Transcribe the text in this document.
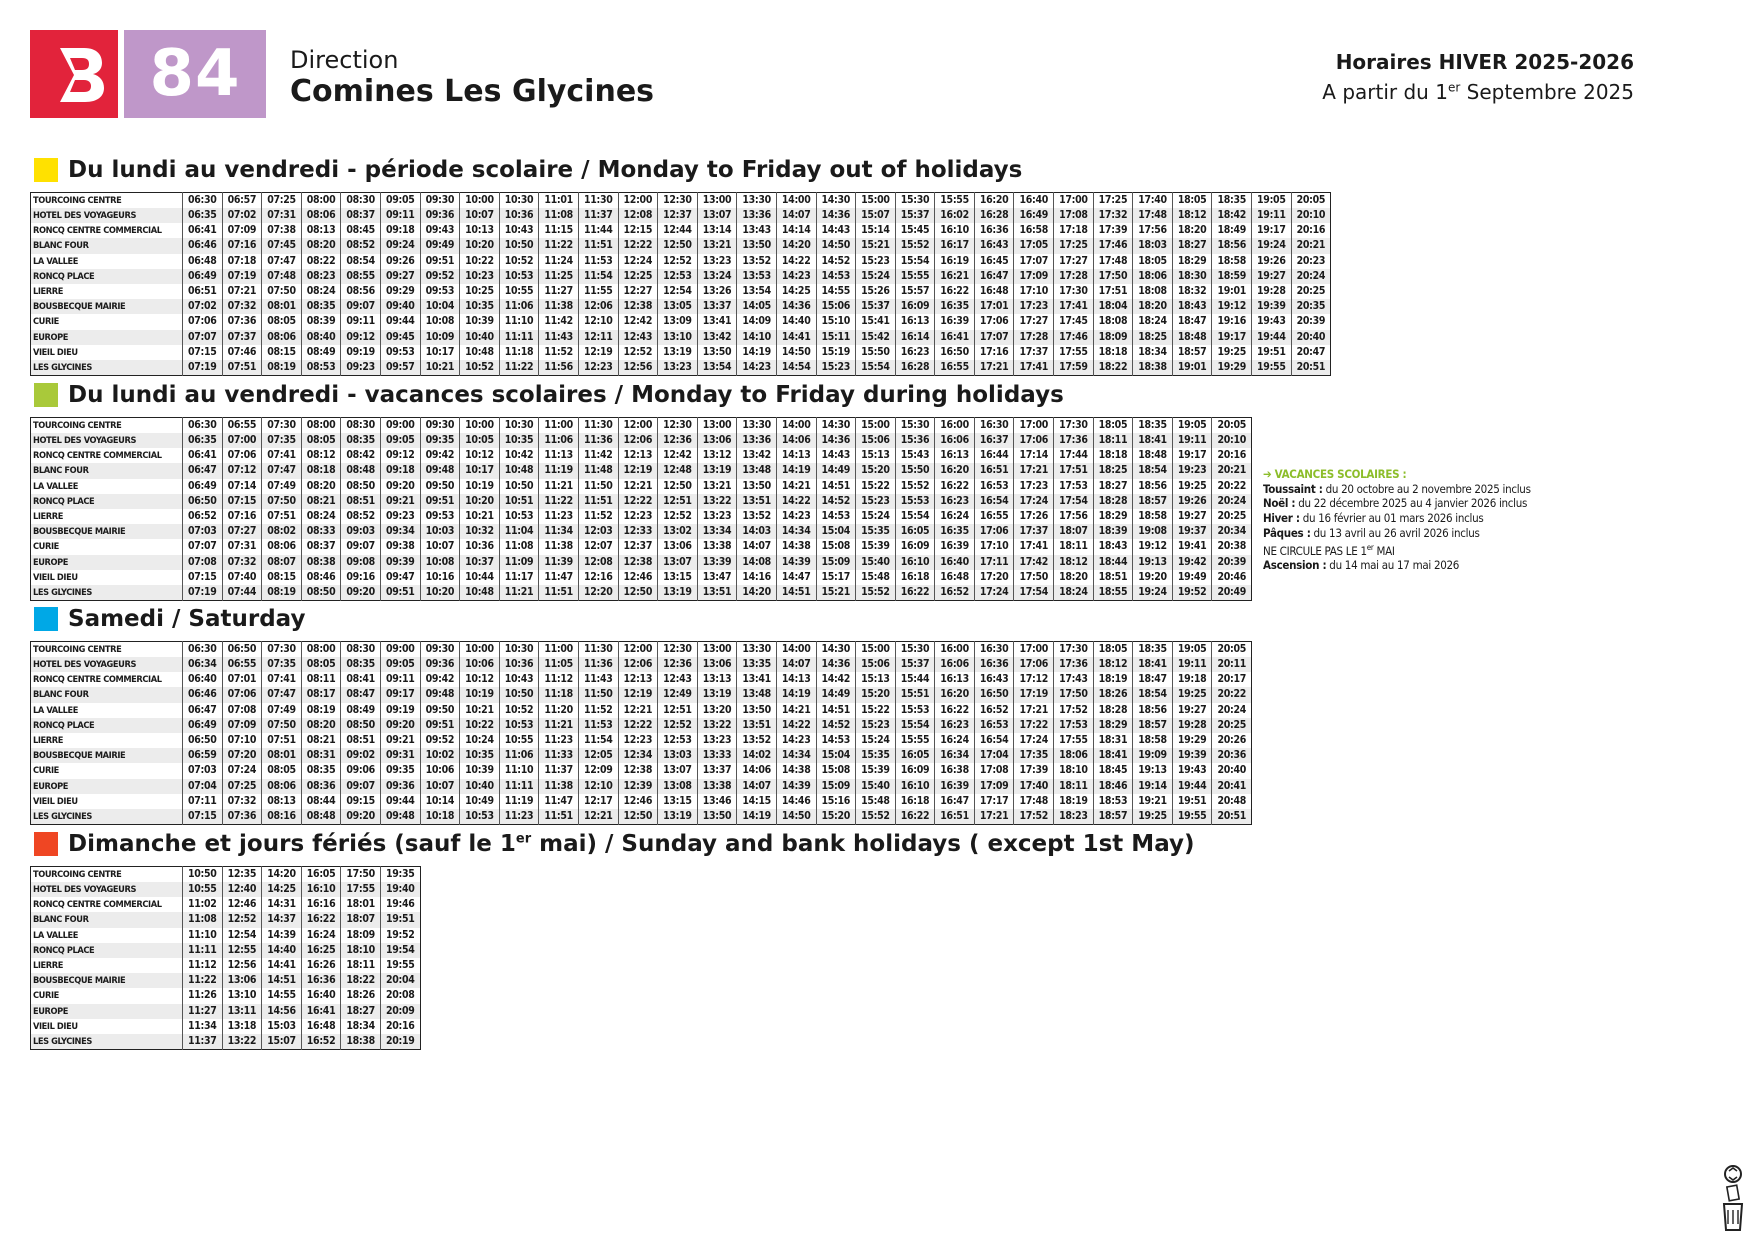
84	Direction
Comines Les Glycines
Horaires HIVER 2025-2026
A partir du 1er Septembre 2025
Du lundi au vendredi - période scolaire / Monday to Friday out of holidays
Du lundi au vendredi - vacances scolaires / Monday to Friday during holidays
Samedi / Saturday
Dimanche et jours fériés (sauf le 1er mai) / Sunday and bank holidays ( except 1st May)
TOURCOING CENTRE	06:30	06:57	07:25	08:00	08:30	09:05	09:30	10:00	10:30	11:01	11:30	12:00	12:30	13:00	13:30	14:00	14:30	15:00	15:30	15:55	16:20	16:40	17:00	17:25	17:40	18:05	18:35	19:05	20:05
HOTEL DES VOYAGEURS	06:35	07:02	07:31	08:06	08:37	09:11	09:36	10:07	10:36	11:08	11:37	12:08	12:37	13:07	13:36	14:07	14:36	15:07	15:37	16:02	16:28	16:49	17:08	17:32	17:48	18:12	18:42	19:11	20:10
RONCQ CENTRE COMMERCIAL	06:41	07:09	07:38	08:13	08:45	09:18	09:43	10:13	10:43	11:15	11:44	12:15	12:44	13:14	13:43	14:14	14:43	15:14	15:45	16:10	16:36	16:58	17:18	17:39	17:56	18:20	18:49	19:17	20:16
BLANC FOUR	06:46	07:16	07:45	08:20	08:52	09:24	09:49	10:20	10:50	11:22	11:51	12:22	12:50	13:21	13:50	14:20	14:50	15:21	15:52	16:17	16:43	17:05	17:25	17:46	18:03	18:27	18:56	19:24	20:21
LA VALLEE	06:48	07:18	07:47	08:22	08:54	09:26	09:51	10:22	10:52	11:24	11:53	12:24	12:52	13:23	13:52	14:22	14:52	15:23	15:54	16:19	16:45	17:07	17:27	17:48	18:05	18:29	18:58	19:26	20:23
RONCQ PLACE	06:49	07:19	07:48	08:23	08:55	09:27	09:52	10:23	10:53	11:25	11:54	12:25	12:53	13:24	13:53	14:23	14:53	15:24	15:55	16:21	16:47	17:09	17:28	17:50	18:06	18:30	18:59	19:27	20:24
LIERRE	06:51	07:21	07:50	08:24	08:56	09:29	09:53	10:25	10:55	11:27	11:55	12:27	12:54	13:26	13:54	14:25	14:55	15:26	15:57	16:22	16:48	17:10	17:30	17:51	18:08	18:32	19:01	19:28	20:25
BOUSBECQUE MAIRIE	07:02	07:32	08:01	08:35	09:07	09:40	10:04	10:35	11:06	11:38	12:06	12:38	13:05	13:37	14:05	14:36	15:06	15:37	16:09	16:35	17:01	17:23	17:41	18:04	18:20	18:43	19:12	19:39	20:35
CURIE	07:06	07:36	08:05	08:39	09:11	09:44	10:08	10:39	11:10	11:42	12:10	12:42	13:09	13:41	14:09	14:40	15:10	15:41	16:13	16:39	17:06	17:27	17:45	18:08	18:24	18:47	19:16	19:43	20:39
EUROPE	07:07	07:37	08:06	08:40	09:12	09:45	10:09	10:40	11:11	11:43	12:11	12:43	13:10	13:42	14:10	14:41	15:11	15:42	16:14	16:41	17:07	17:28	17:46	18:09	18:25	18:48	19:17	19:44	20:40
VIEIL DIEU	07:15	07:46	08:15	08:49	09:19	09:53	10:17	10:48	11:18	11:52	12:19	12:52	13:19	13:50	14:19	14:50	15:19	15:50	16:23	16:50	17:16	17:37	17:55	18:18	18:34	18:57	19:25	19:51	20:47
LES GLYCINES	07:19	07:51	08:19	08:53	09:23	09:57	10:21	10:52	11:22	11:56	12:23	12:56	13:23	13:54	14:23	14:54	15:23	15:54	16:28	16:55	17:21	17:41	17:59	18:22	18:38	19:01	19:29	19:55	20:51
TOURCOING CENTRE	06:30	06:55	07:30	08:00	08:30	09:00	09:30	10:00	10:30	11:00	11:30	12:00	12:30	13:00	13:30	14:00	14:30	15:00	15:30	16:00	16:30	17:00	17:30	18:05	18:35	19:05	20:05
HOTEL DES VOYAGEURS	06:35	07:00	07:35	08:05	08:35	09:05	09:35	10:05	10:35	11:06	11:36	12:06	12:36	13:06	13:36	14:06	14:36	15:06	15:36	16:06	16:37	17:06	17:36	18:11	18:41	19:11	20:10
RONCQ CENTRE COMMERCIAL	06:41	07:06	07:41	08:12	08:42	09:12	09:42	10:12	10:42	11:13	11:42	12:13	12:42	13:12	13:42	14:13	14:43	15:13	15:43	16:13	16:44	17:14	17:44	18:18	18:48	19:17	20:16
BLANC FOUR	06:47	07:12	07:47	08:18	08:48	09:18	09:48	10:17	10:48	11:19	11:48	12:19	12:48	13:19	13:48	14:19	14:49	15:20	15:50	16:20	16:51	17:21	17:51	18:25	18:54	19:23	20:21
LA VALLEE	06:49	07:14	07:49	08:20	08:50	09:20	09:50	10:19	10:50	11:21	11:50	12:21	12:50	13:21	13:50	14:21	14:51	15:22	15:52	16:22	16:53	17:23	17:53	18:27	18:56	19:25	20:22
RONCQ PLACE	06:50	07:15	07:50	08:21	08:51	09:21	09:51	10:20	10:51	11:22	11:51	12:22	12:51	13:22	13:51	14:22	14:52	15:23	15:53	16:23	16:54	17:24	17:54	18:28	18:57	19:26	20:24
LIERRE	06:52	07:16	07:51	08:24	08:52	09:23	09:53	10:21	10:53	11:23	11:52	12:23	12:52	13:23	13:52	14:23	14:53	15:24	15:54	16:24	16:55	17:26	17:56	18:29	18:58	19:27	20:25
BOUSBECQUE MAIRIE	07:03	07:27	08:02	08:33	09:03	09:34	10:03	10:32	11:04	11:34	12:03	12:33	13:02	13:34	14:03	14:34	15:04	15:35	16:05	16:35	17:06	17:37	18:07	18:39	19:08	19:37	20:34
CURIE	07:07	07:31	08:06	08:37	09:07	09:38	10:07	10:36	11:08	11:38	12:07	12:37	13:06	13:38	14:07	14:38	15:08	15:39	16:09	16:39	17:10	17:41	18:11	18:43	19:12	19:41	20:38
EUROPE	07:08	07:32	08:07	08:38	09:08	09:39	10:08	10:37	11:09	11:39	12:08	12:38	13:07	13:39	14:08	14:39	15:09	15:40	16:10	16:40	17:11	17:42	18:12	18:44	19:13	19:42	20:39
VIEIL DIEU	07:15	07:40	08:15	08:46	09:16	09:47	10:16	10:44	11:17	11:47	12:16	12:46	13:15	13:47	14:16	14:47	15:17	15:48	16:18	16:48	17:20	17:50	18:20	18:51	19:20	19:49	20:46
LES GLYCINES	07:19	07:44	08:19	08:50	09:20	09:51	10:20	10:48	11:21	11:51	12:20	12:50	13:19	13:51	14:20	14:51	15:21	15:52	16:22	16:52	17:24	17:54	18:24	18:55	19:24	19:52	20:49
TOURCOING CENTRE	06:30	06:50	07:30	08:00	08:30	09:00	09:30	10:00	10:30	11:00	11:30	12:00	12:30	13:00	13:30	14:00	14:30	15:00	15:30	16:00	16:30	17:00	17:30	18:05	18:35	19:05	20:05
HOTEL DES VOYAGEURS	06:34	06:55	07:35	08:05	08:35	09:05	09:36	10:06	10:36	11:05	11:36	12:06	12:36	13:06	13:35	14:07	14:36	15:06	15:37	16:06	16:36	17:06	17:36	18:12	18:41	19:11	20:11
RONCQ CENTRE COMMERCIAL	06:40	07:01	07:41	08:11	08:41	09:11	09:42	10:12	10:43	11:12	11:43	12:13	12:43	13:13	13:41	14:13	14:42	15:13	15:44	16:13	16:43	17:12	17:43	18:19	18:47	19:18	20:17
BLANC FOUR	06:46	07:06	07:47	08:17	08:47	09:17	09:48	10:19	10:50	11:18	11:50	12:19	12:49	13:19	13:48	14:19	14:49	15:20	15:51	16:20	16:50	17:19	17:50	18:26	18:54	19:25	20:22
LA VALLEE	06:47	07:08	07:49	08:19	08:49	09:19	09:50	10:21	10:52	11:20	11:52	12:21	12:51	13:20	13:50	14:21	14:51	15:22	15:53	16:22	16:52	17:21	17:52	18:28	18:56	19:27	20:24
RONCQ PLACE	06:49	07:09	07:50	08:20	08:50	09:20	09:51	10:22	10:53	11:21	11:53	12:22	12:52	13:22	13:51	14:22	14:52	15:23	15:54	16:23	16:53	17:22	17:53	18:29	18:57	19:28	20:25
LIERRE	06:50	07:10	07:51	08:21	08:51	09:21	09:52	10:24	10:55	11:23	11:54	12:23	12:53	13:23	13:52	14:23	14:53	15:24	15:55	16:24	16:54	17:24	17:55	18:31	18:58	19:29	20:26
BOUSBECQUE MAIRIE	06:59	07:20	08:01	08:31	09:02	09:31	10:02	10:35	11:06	11:33	12:05	12:34	13:03	13:33	14:02	14:34	15:04	15:35	16:05	16:34	17:04	17:35	18:06	18:41	19:09	19:39	20:36
CURIE	07:03	07:24	08:05	08:35	09:06	09:35	10:06	10:39	11:10	11:37	12:09	12:38	13:07	13:37	14:06	14:38	15:08	15:39	16:09	16:38	17:08	17:39	18:10	18:45	19:13	19:43	20:40
EUROPE	07:04	07:25	08:06	08:36	09:07	09:36	10:07	10:40	11:11	11:38	12:10	12:39	13:08	13:38	14:07	14:39	15:09	15:40	16:10	16:39	17:09	17:40	18:11	18:46	19:14	19:44	20:41
VIEIL DIEU	07:11	07:32	08:13	08:44	09:15	09:44	10:14	10:49	11:19	11:47	12:17	12:46	13:15	13:46	14:15	14:46	15:16	15:48	16:18	16:47	17:17	17:48	18:19	18:53	19:21	19:51	20:48
LES GLYCINES	07:15	07:36	08:16	08:48	09:20	09:48	10:18	10:53	11:23	11:51	12:21	12:50	13:19	13:50	14:19	14:50	15:20	15:52	16:22	16:51	17:21	17:52	18:23	18:57	19:25	19:55	20:51
TOURCOING CENTRE	10:50	12:35	14:20	16:05	17:50	19:35
HOTEL DES VOYAGEURS	10:55	12:40	14:25	16:10	17:55	19:40
RONCQ CENTRE COMMERCIAL	11:02	12:46	14:31	16:16	18:01	19:46
BLANC FOUR	11:08	12:52	14:37	16:22	18:07	19:51
LA VALLEE	11:10	12:54	14:39	16:24	18:09	19:52
RONCQ PLACE	11:11	12:55	14:40	16:25	18:10	19:54
LIERRE	11:12	12:56	14:41	16:26	18:11	19:55
BOUSBECQUE MAIRIE	11:22	13:06	14:51	16:36	18:22	20:04
CURIE	11:26	13:10	14:55	16:40	18:26	20:08
EUROPE	11:27	13:11	14:56	16:41	18:27	20:09
VIEIL DIEU	11:34	13:18	15:03	16:48	18:34	20:16
LES GLYCINES	11:37	13:22	15:07	16:52	18:38	20:19
➔ VACANCES SCOLAIRES :
Toussaint : du 20 octobre au 2 novembre 2025 inclus
Noël : du 22 décembre 2025 au 4 janvier 2026 inclus
Hiver : du 16 février au 01 mars 2026 inclus
Pâques : du 13 avril au 26 avril 2026 inclus
NE CIRCULE PAS LE 1er MAI
Ascension : du 14 mai au 17 mai 2026
